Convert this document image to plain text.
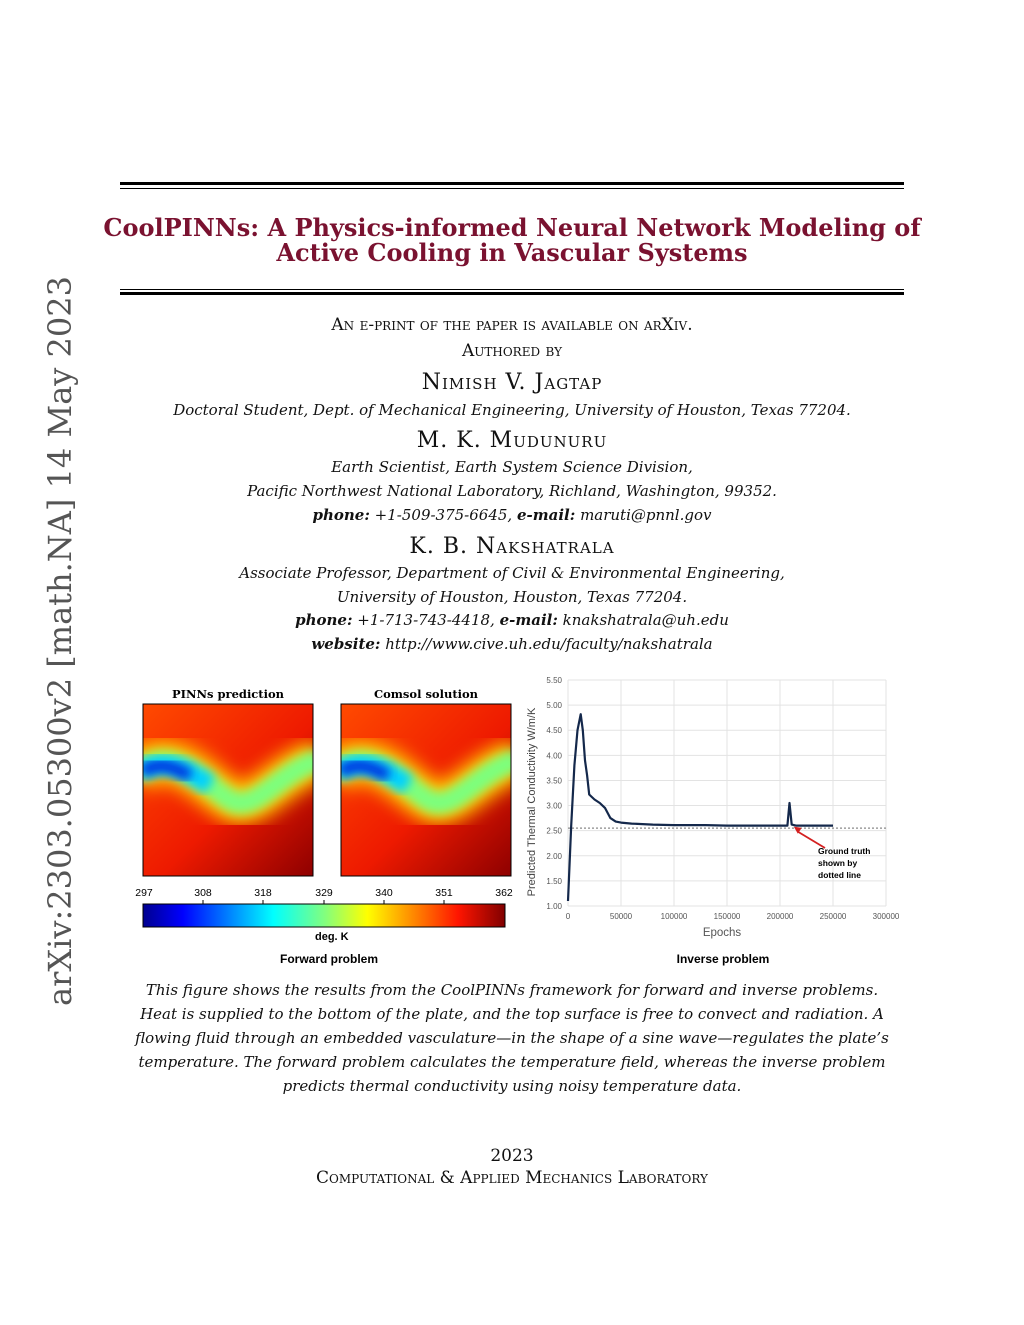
arXiv:2303.05300v2 [math.NA] 14 May 2023
CoolPINNs: A Physics-informed Neural Network Modeling of
Active Cooling in Vascular Systems
An e-print of the paper is available on arXiv.
Authored by
Nimish V. Jagtap
Doctoral Student, Dept. of Mechanical Engineering, University of Houston, Texas 77204.
M. K. Mudunuru
Earth Scientist, Earth System Science Division,
Pacific Northwest National Laboratory, Richland, Washington, 99352.
phone: +1-509-375-6645, e-mail: maruti@pnnl.gov
K. B. Nakshatrala
Associate Professor, Department of Civil & Environmental Engineering,
University of Houston, Houston, Texas 77204.
phone: +1-713-743-4418, e-mail: knakshatrala@uh.edu
website: http://www.cive.uh.edu/faculty/nakshatrala
PINNs prediction	Comsol solution
297	308	318	329	340	351	362
deg. K
Forward problem
1.00
1.50
2.00
2.50
3.00
3.50
4.00
4.50
5.00
5.50
0	50000	100000	150000	200000	250000	300000
Ground truth
shown by
dotted line
Epochs
Predicted Thermal Conductivity W/m/K
Inverse problem
This figure shows the results from the CoolPINNs framework for forward and inverse problems.
Heat is supplied to the bottom of the plate, and the top surface is free to convect and radiation. A
flowing fluid through an embedded vasculature—in the shape of a sine wave—regulates the plate’s
temperature. The forward problem calculates the temperature field, whereas the inverse problem
predicts thermal conductivity using noisy temperature data.
2023
Computational & Applied Mechanics Laboratory
